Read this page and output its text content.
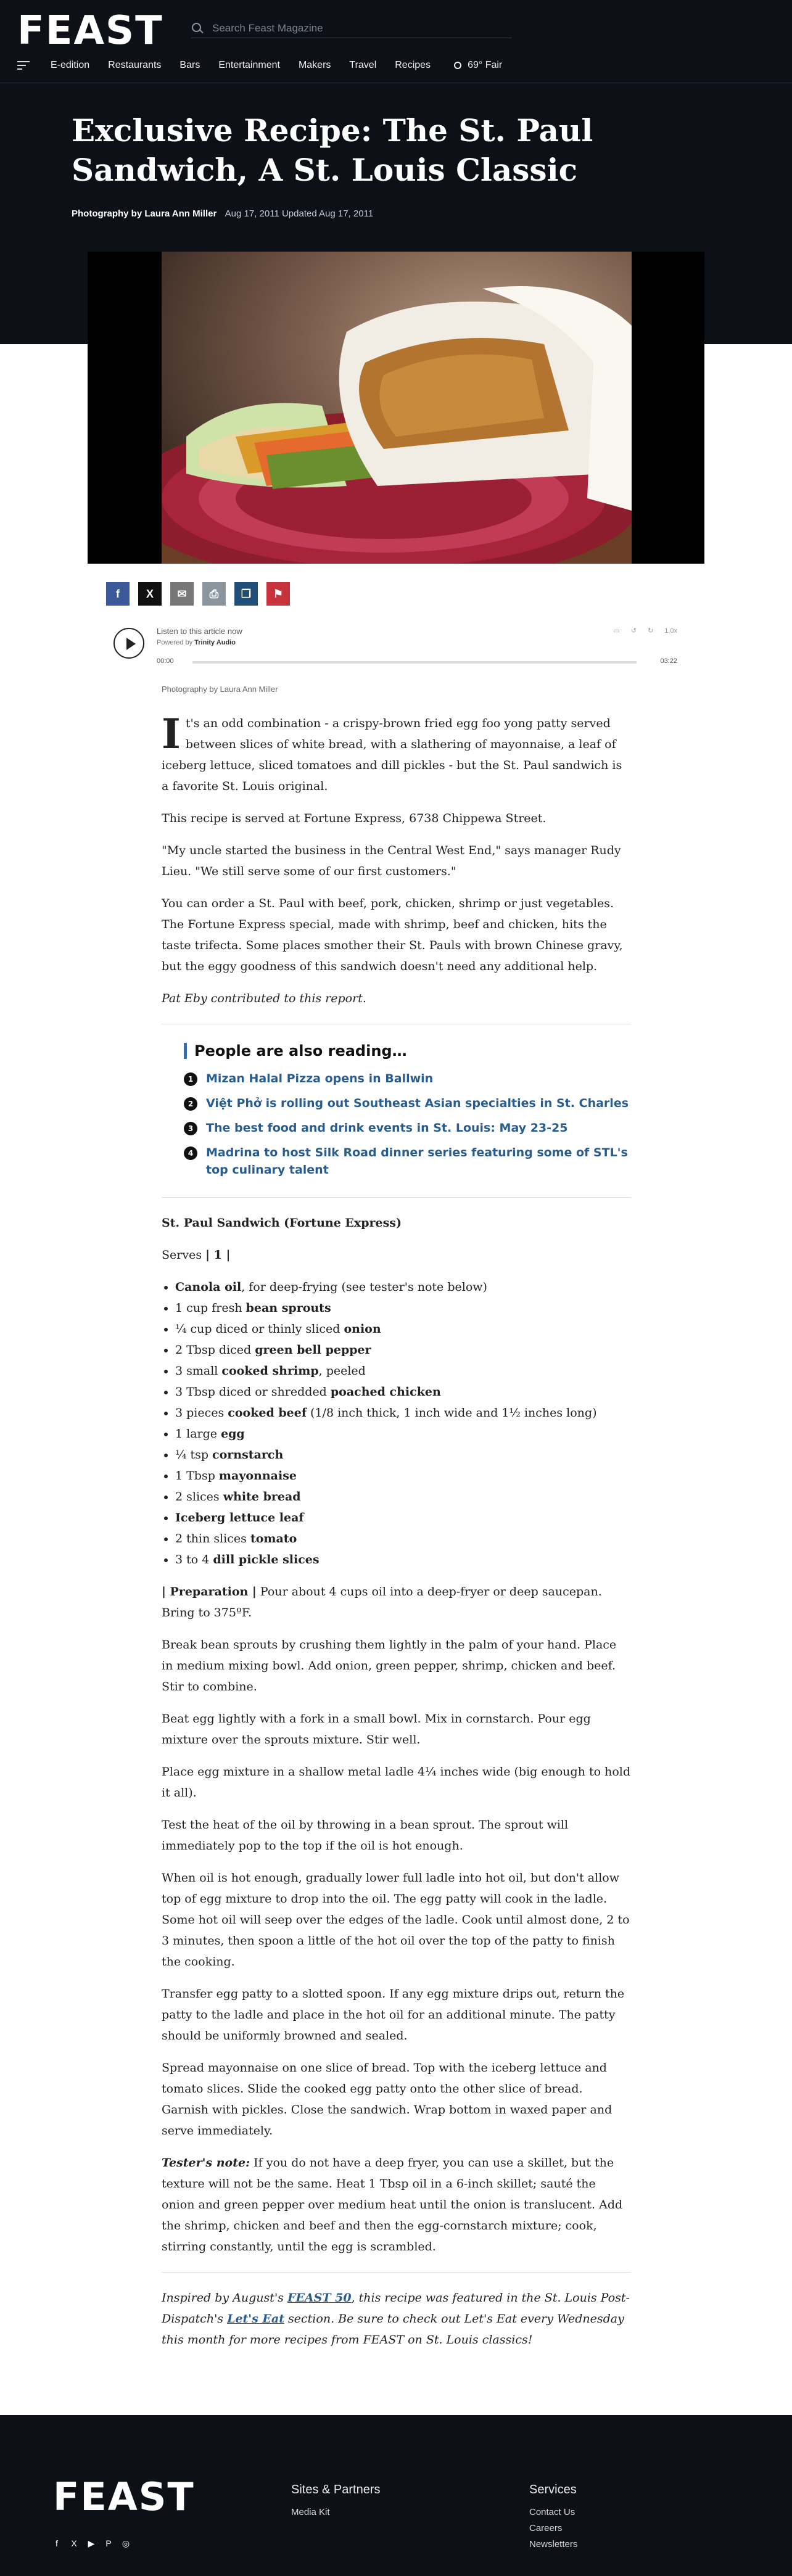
FEAST
Search Feast Magazine
E-edition Restaurants Bars Entertainment Makers Travel Recipes	69° Fair
Exclusive Recipe: The St. Paul Sandwich, A St. Louis Classic
Photography by Laura Ann Miller Aug 17, 2011 Updated Aug 17, 2011
f	X	✉	⎙	❐	⚑
Listen to this article now
Powered by Trinity Audio
00:00	03:22
▭ ↺ ↻ 1.0x
Photography by Laura Ann Miller

It's an odd combination - a crispy-brown fried egg foo yong patty served between slices of white bread, with a slathering of mayonnaise, a leaf of iceberg lettuce, sliced tomatoes and dill pickles - but the St. Paul sandwich is a favorite St. Louis original.

This recipe is served at Fortune Express, 6738 Chippewa Street.

"My uncle started the business in the Central West End," says manager Rudy Lieu. "We still serve some of our first customers."

You can order a St. Paul with beef, pork, chicken, shrimp or just vegetables. The Fortune Express special, made with shrimp, beef and chicken, hits the taste trifecta. Some places smother their St. Pauls with brown Chinese gravy, but the eggy goodness of this sandwich doesn't need any additional help.

Pat Eby contributed to this report.

People are also reading…
1	Mizan Halal Pizza opens in Ballwin
2	Việt Phở is rolling out Southeast Asian specialties in St. Charles
3	The best food and drink events in St. Louis: May 23-25
4	Madrina to host Silk Road dinner series featuring some of STL's top culinary talent

St. Paul Sandwich (Fortune Express)

Serves | 1 |

• Canola oil, for deep-frying (see tester's note below)
• 1 cup fresh bean sprouts
• ¼ cup diced or thinly sliced onion
• 2 Tbsp diced green bell pepper
• 3 small cooked shrimp, peeled
• 3 Tbsp diced or shredded poached chicken
• 3 pieces cooked beef (1/8 inch thick, 1 inch wide and 1½ inches long)
• 1 large egg
• ¼ tsp cornstarch
• 1 Tbsp mayonnaise
• 2 slices white bread
• Iceberg lettuce leaf
• 2 thin slices tomato
• 3 to 4 dill pickle slices

| Preparation | Pour about 4 cups oil into a deep-fryer or deep saucepan. Bring to 375ºF.

Break bean sprouts by crushing them lightly in the palm of your hand. Place in medium mixing bowl. Add onion, green pepper, shrimp, chicken and beef. Stir to combine.

Beat egg lightly with a fork in a small bowl. Mix in cornstarch. Pour egg mixture over the sprouts mixture. Stir well.

Place egg mixture in a shallow metal ladle 4¼ inches wide (big enough to hold it all).

Test the heat of the oil by throwing in a bean sprout. The sprout will immediately pop to the top if the oil is hot enough.

When oil is hot enough, gradually lower full ladle into hot oil, but don't allow top of egg mixture to drop into the oil. The egg patty will cook in the ladle. Some hot oil will seep over the edges of the ladle. Cook until almost done, 2 to 3 minutes, then spoon a little of the hot oil over the top of the patty to finish the cooking.

Transfer egg patty to a slotted spoon. If any egg mixture drips out, return the patty to the ladle and place in the hot oil for an additional minute. The patty should be uniformly browned and sealed.

Spread mayonnaise on one slice of bread. Top with the iceberg lettuce and tomato slices. Slide the cooked egg patty onto the other slice of bread. Garnish with pickles. Close the sandwich. Wrap bottom in waxed paper and serve immediately.

Tester's note: If you do not have a deep fryer, you can use a skillet, but the texture will not be the same. Heat 1 Tbsp oil in a 6-inch skillet; sauté the onion and green pepper over medium heat until the onion is translucent. Add the shrimp, chicken and beef and then the egg-cornstarch mixture; cook, stirring constantly, until the egg is scrambled.

Inspired by August's FEAST 50, this recipe was featured in the St. Louis Post-Dispatch's Let's Eat section. Be sure to check out Let's Eat every Wednesday this month for more recipes from FEAST on St. Louis classics!

FEAST
f	X ▶ P ◎
Sites & Partners
Media Kit
Services
Contact Us
Careers
Newsletters
